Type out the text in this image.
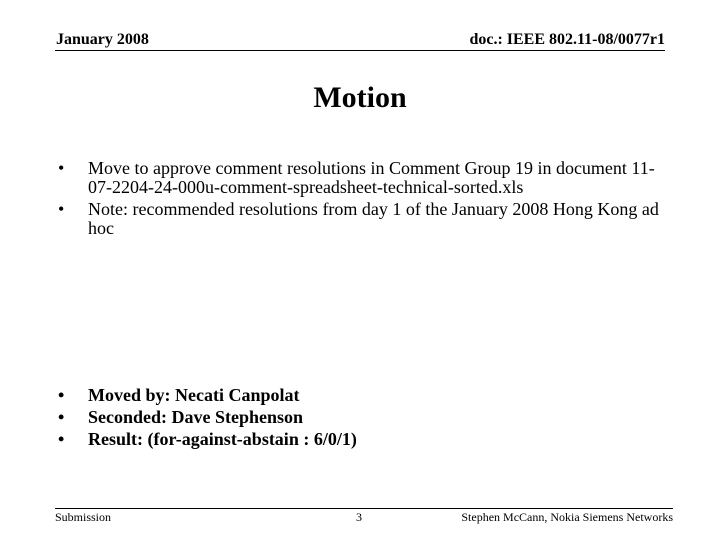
January 2008	doc.: IEEE 802.11-08/0077r1
Motion
• Move to approve comment resolutions in Comment Group 19 in document 11-07-2204-24-000u-comment-spreadsheet-technical-sorted.xls
• Note: recommended resolutions from day 1 of the January 2008 Hong Kong ad hoc
• Moved by: Necati Canpolat
• Seconded: Dave Stephenson
• Result: (for-against-abstain : 6/0/1)
Submission	3	Stephen McCann, Nokia Siemens Networks
